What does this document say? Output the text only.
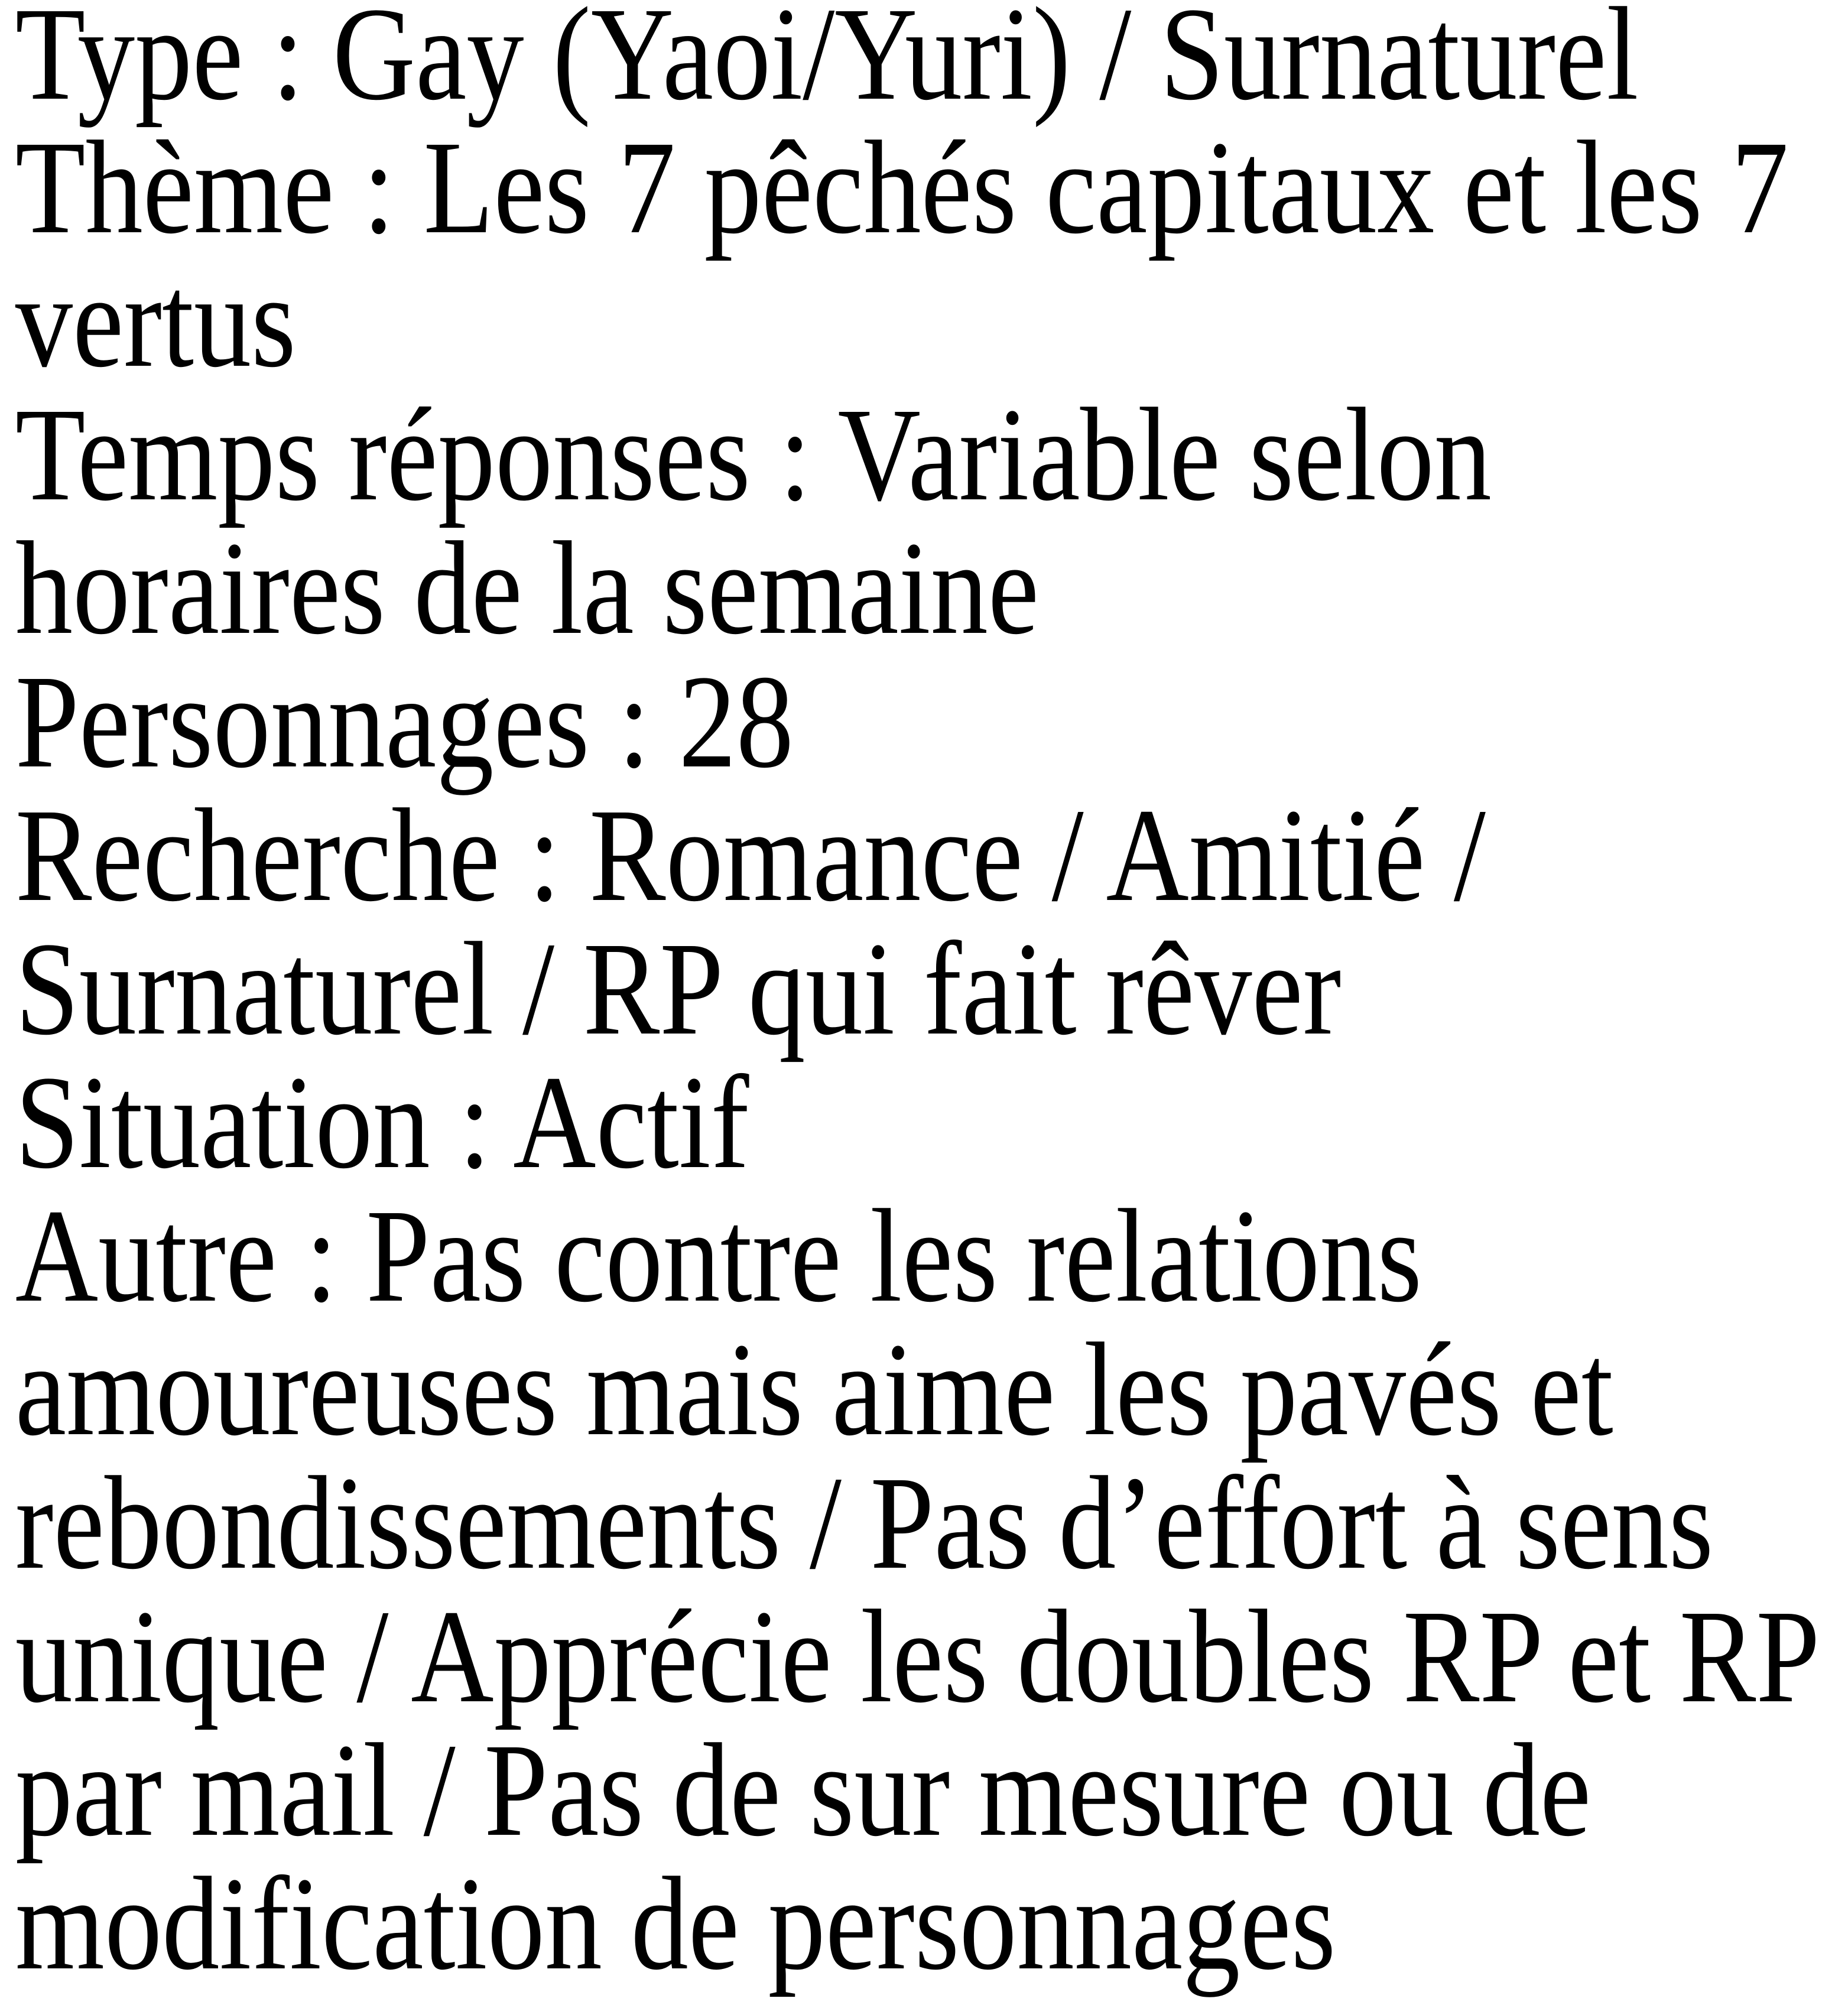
Type : Gay (Yaoi/Yuri) / Surnaturel
Thème : Les 7 pêchés capitaux et les 7
vertus
Temps réponses : Variable selon
horaires de la semaine
Personnages : 28
Recherche : Romance / Amitié /
Surnaturel / RP qui fait rêver
Situation : Actif
Autre : Pas contre les relations
amoureuses mais aime les pavés et
rebondissements / Pas d’effort à sens
unique / Apprécie les doubles RP et RP
par mail / Pas de sur mesure ou de
modification de personnages
